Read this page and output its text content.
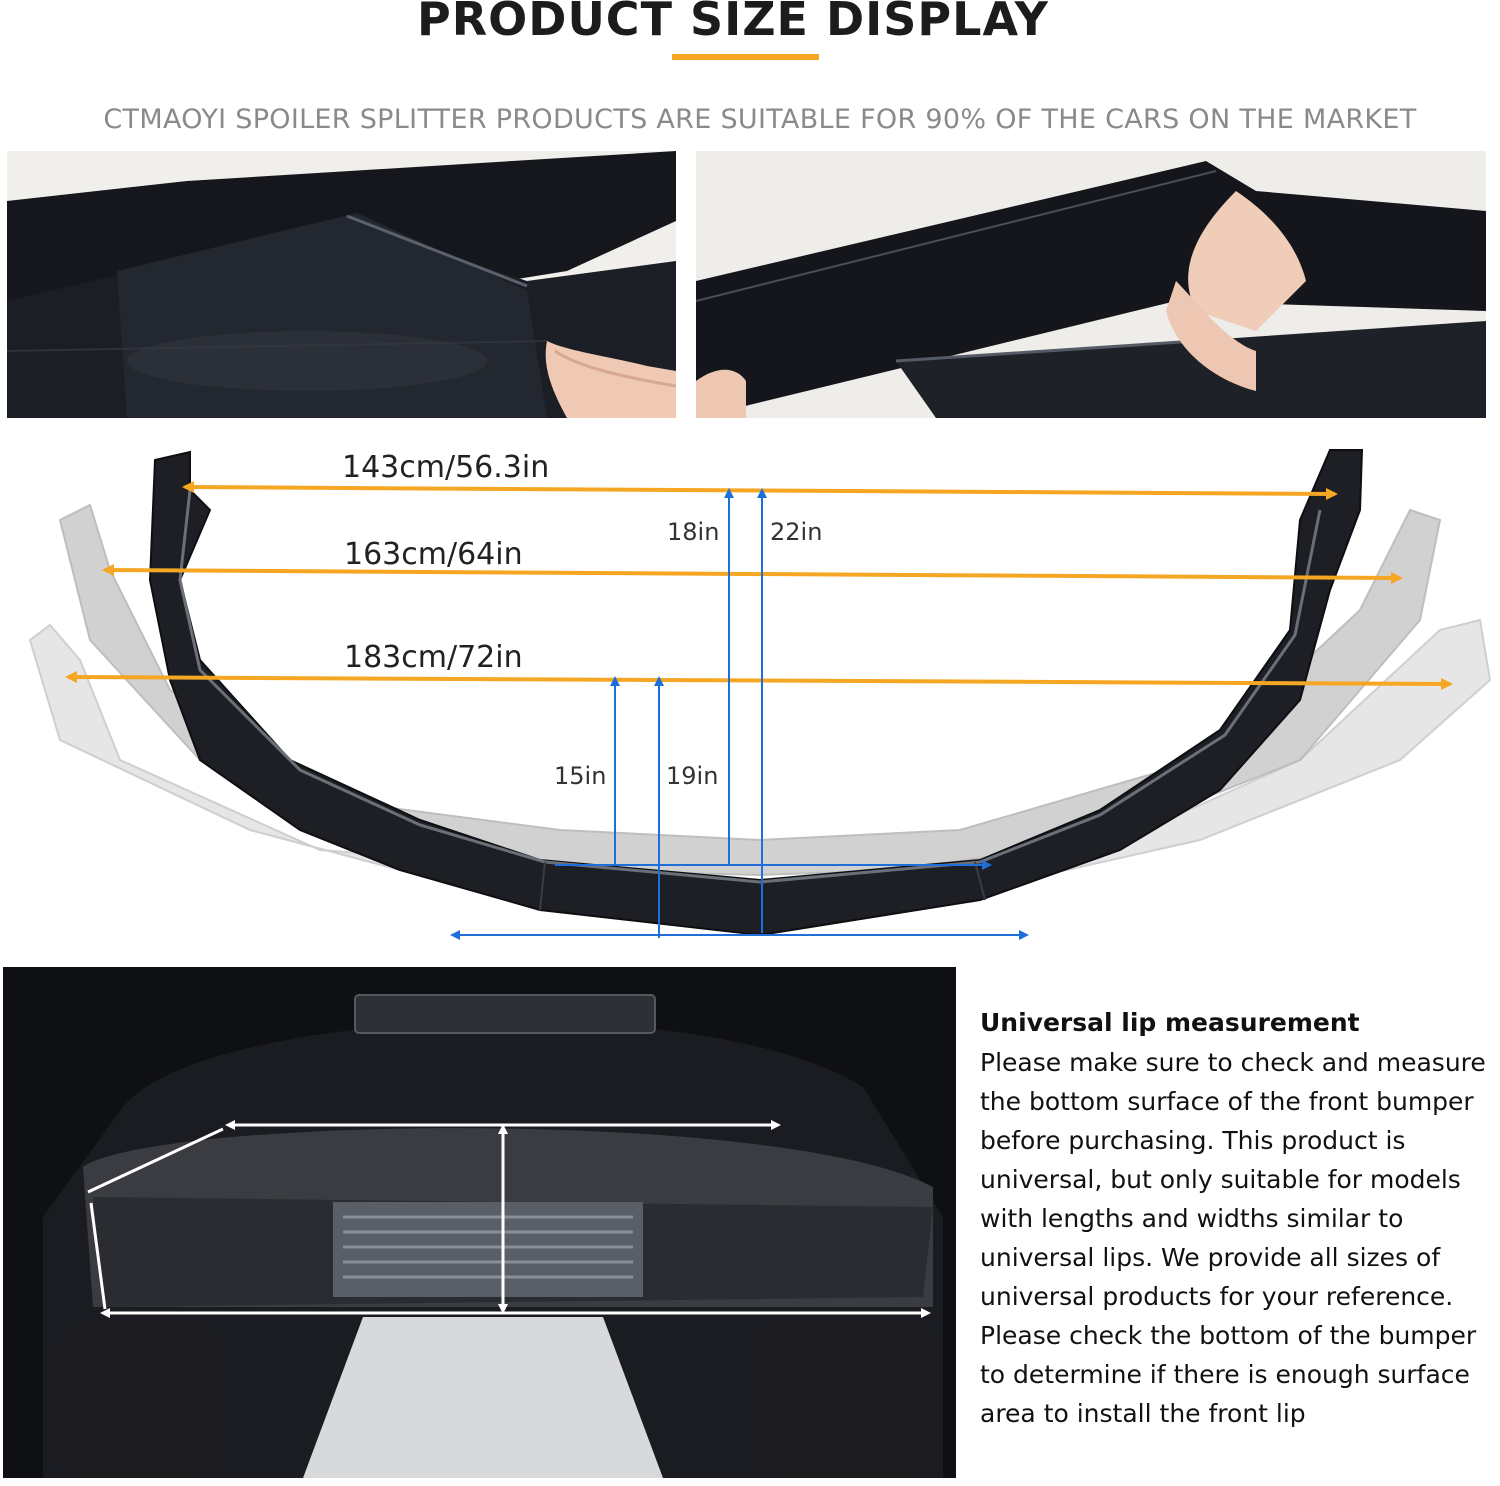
PRODUCT SIZE DISPLAY
CTMAOYI SPOILER SPLITTER PRODUCTS ARE SUITABLE FOR 90% OF THE CARS ON THE MARKET
143cm/56.3in
163cm/64in
183cm/72in
18in 22in
15in 19in

Universal lip measurement

Please make sure to check and measure the bottom surface of the front bumper before purchasing. This product is universal, but only suitable for models with lengths and widths similar to universal lips. We provide all sizes of universal products for your reference. Please check the bottom of the bumper to determine if there is enough surface area to install the front lip
